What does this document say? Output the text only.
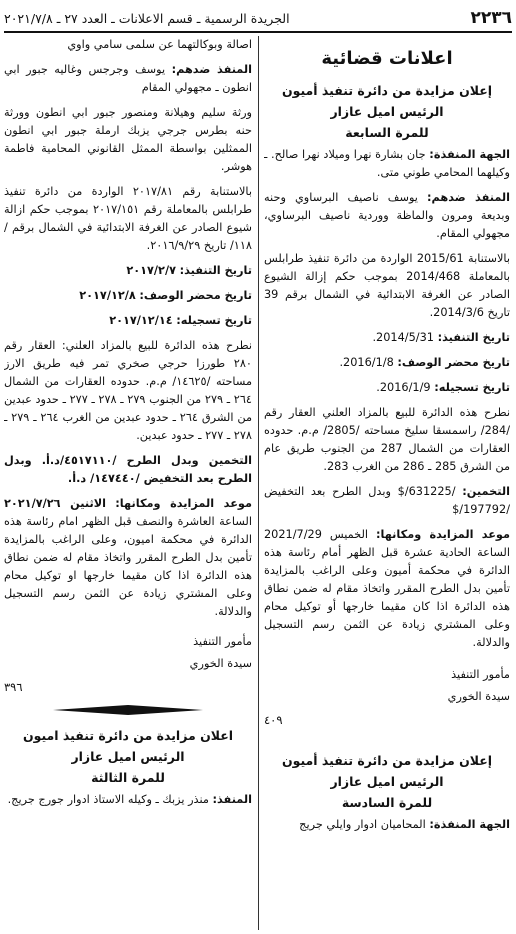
٢٢٣٦
الجريدة الرسمية ـ قسم الاعلانات ـ العدد ٢٧ ـ ٢٠٢١/٧/٨
اعلانات قضائية
إعلان مزايدة من دائرة تنفيذ أميون
الرئيس اميل عازار
للمرة السابعة

الجهة المنفذة: جان بشارة نهرا وميلاد نهرا صالح. ـ وكيلهما المحامي طوني متى.

المنفذ ضدهم: يوسف ناصيف البرساوي وحنه وبديعة ومرون والماظة ووردية ناصيف البرساوي، مجهولي المقام.

بالاستنابة 2015/61 الواردة من دائرة تنفيذ طرابلس بالمعاملة 2014/468 بموجب حكم إزالة الشيوع الصادر عن الغرفة الابتدائية في الشمال برقم 39 تاريخ 2014/3/6.

تاريخ التنفيذ: 2014/5/31.

تاريخ محضر الوصف: 2016/1/8.

تاريخ تسجيله: 2016/1/9.

نطرح هذه الدائرة للبيع بالمزاد العلني العقار رقم /284/ راسمسقا سليخ مساحته /2805/ م.م. حدوده العقارات من الشمال 287 من الجنوب طريق عام من الشرق 285 ـ 286 من الغرب 283.

التخمين: /631225/$ وبدل الطرح بعد التخفيض /197792/$

موعد المزايدة ومكانها: الخميس 2021/7/29 الساعة الحادية عشرة قبل الظهر أمام رئاسة هذه الدائرة في محكمة أميون وعلى الراغب بالمزايدة تأمين بدل الطرح المقرر واتخاذ مقام له ضمن نطاق هذه الدائرة اذا كان مقيما خارجها أو توكيل محام وعلى المشتري زيادة عن الثمن رسم التسجيل والدلالة.

مأمور التنفيذ

سيدة الخوري

٤٠٩
إعلان مزايدة من دائرة تنفيذ أميون
الرئيس اميل عازار
للمرة السادسة

الجهة المنفذة: المحاميان ادوار وايلي جريج

اصالة وبوكالتهما عن سلمى سامي واوي

المنفذ ضدهم: يوسف وجرجس وغاليه جبور ابي انطون ـ مجهولي المقام

ورثة سليم وهيلانة ومنصور جبور ابي انطون وورثة حنه بطرس جرجي يزبك ارملة جبور ابي انطون الممثلين بواسطة الممثل القانوني المحامية فاطمة هوشر.

بالاستنابة رقم ٢٠١٧/٨١ الواردة من دائرة تنفيذ طرابلس بالمعاملة رقم ٢٠١٧/١٥١ بموجب حكم ازالة شيوع الصادر عن الغرفة الابتدائية في الشمال برقم /١١٨/ تاريخ ٢٠١٦/٩/٢٩.

تاريخ التنفيذ: ٢٠١٧/٢/٧

تاريخ محضر الوصف: ٢٠١٧/١٢/٨

تاريخ تسجيله: ٢٠١٧/١٢/١٤

نطرح هذه الدائرة للبيع بالمزاد العلني: العقار رقم ٢٨٠ طورزا حرجي صخري تمر فيه طريق الارز مساحته /١٤٦٢٥/ م.م. حدوده العقارات من الشمال ٢٦٤ ـ ٢٧٩ من الجنوب ٢٧٩ ـ ٢٧٨ ـ ٢٧٧ ـ حدود عبدين من الشرق ٢٦٤ ـ حدود عبدين من الغرب ٢٦٤ ـ ٢٧٩ ـ ٢٧٨ ـ ٢٧٧ ـ حدود عبدين.

التخمين وبدل الطرح /٤٥١٧١١٠/د.أ. وبدل الطرح بعد التخفيض /١٤٧٤٤٠/ د.أ.

موعد المزايدة ومكانها: الاثنين ٢٠٢١/٧/٢٦ الساعة العاشرة والنصف قبل الظهر امام رئاسة هذه الدائرة في محكمة اميون، وعلى الراغب بالمزايدة تأمين بدل الطرح المقرر واتخاذ مقام له ضمن نطاق هذه الدائرة اذا كان مقيما خارجها او توكيل محام وعلى المشتري زيادة عن الثمن رسم التسجيل والدلالة.

مأمور التنفيذ

سيدة الخوري

٣٩٦
اعلان مزايدة من دائرة تنفيذ اميون
الرئيس اميل عازار
للمرة الثالثة

المنفذ: منذر يزبك ـ وكيله الاستاذ ادوار جورج جريج.
